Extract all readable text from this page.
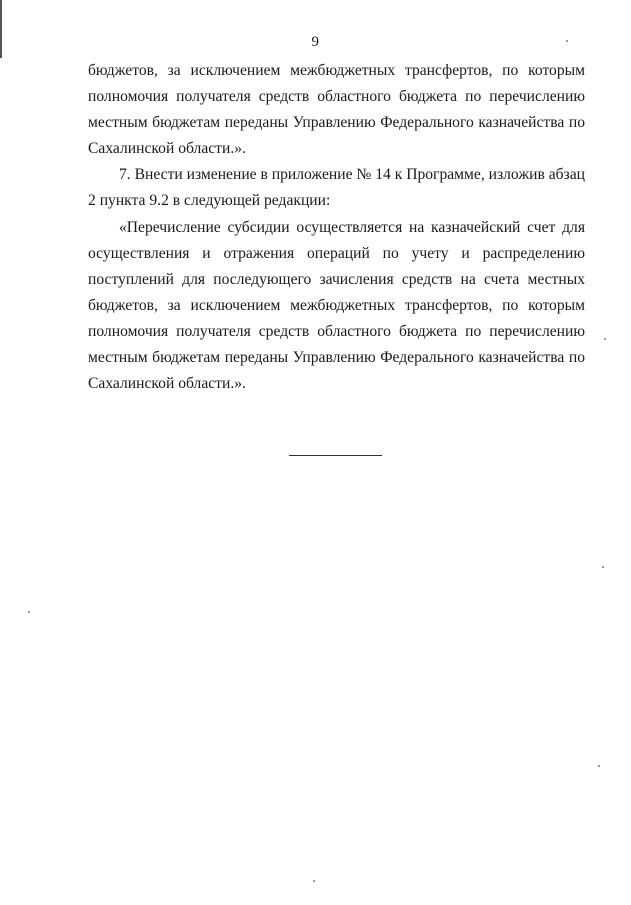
9

бюджетов, за исключением межбюджетных трансфертов, по которым полномочия получателя средств областного бюджета по перечислению местным бюджетам переданы Управлению Федерального казначейства по Сахалинской области.».

7. Внести изменение в приложение № 14 к Программе, изложив абзац 2 пункта 9.2 в следующей редакции:

«Перечисление субсидии осуществляется на казначейский счет для осуществления и отражения операций по учету и распределению поступлений для последующего зачисления средств на счета местных бюджетов, за исключением межбюджетных трансфертов, по которым полномочия получателя средств областного бюджета по перечислению местным бюджетам переданы Управлению Федерального казначейства по Сахалинской области.».
